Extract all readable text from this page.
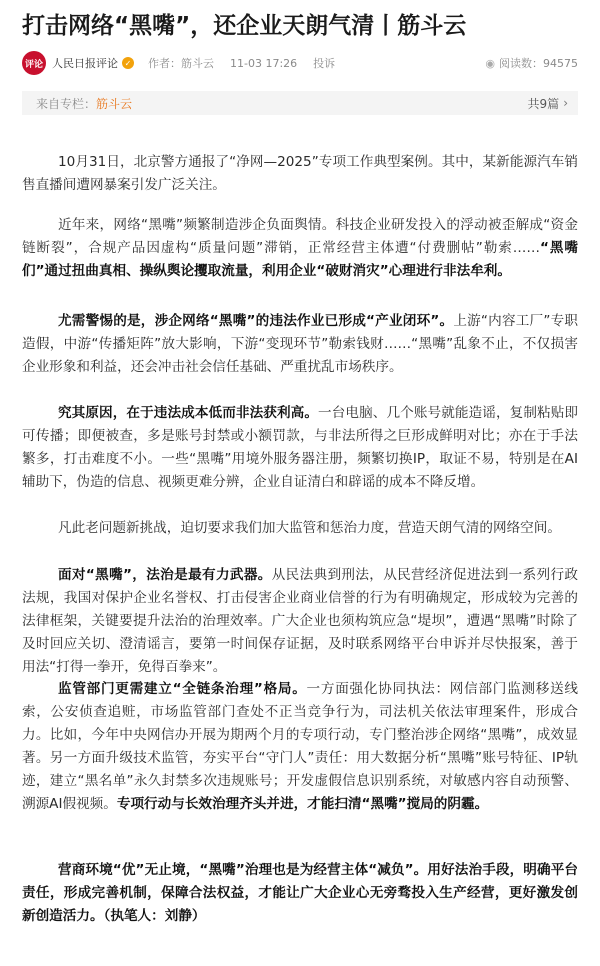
打击网络“黑嘴”，还企业天朗气清丨筋斗云
评论 人民日报评论 ✓ 作者： 筋斗云 11-03 17:26 投诉	◉ 阅读数： 94575
来自专栏： 筋斗云	共9篇 ›

10月31日，北京警方通报了“净网—2025”专项工作典型案例。其中，某新能源汽车销售直播间遭网暴案引发广泛关注。

近年来，网络“黑嘴”频繁制造涉企负面舆情。科技企业研发投入的浮动被歪解成“资金链断裂”，合规产品因虚构“质量问题”滞销，正常经营主体遭“付费删帖”勒索……“黑嘴们”通过扭曲真相、操纵舆论攫取流量，利用企业“破财消灾”心理进行非法牟利。

尤需警惕的是，涉企网络“黑嘴”的违法作业已形成“产业闭环”。上游“内容工厂”专职造假，中游“传播矩阵”放大影响，下游“变现环节”勒索钱财……“黑嘴”乱象不止，不仅损害企业形象和利益，还会冲击社会信任基础、严重扰乱市场秩序。

究其原因，在于违法成本低而非法获利高。一台电脑、几个账号就能造谣，复制粘贴即可传播；即便被查，多是账号封禁或小额罚款，与非法所得之巨形成鲜明对比；亦在于手法繁多，打击难度不小。一些“黑嘴”用境外服务器注册，频繁切换IP，取证不易，特别是在AI辅助下，伪造的信息、视频更难分辨，企业自证清白和辟谣的成本不降反增。

凡此老问题新挑战，迫切要求我们加大监管和惩治力度，营造天朗气清的网络空间。

面对“黑嘴”，法治是最有力武器。从民法典到刑法，从民营经济促进法到一系列行政法规，我国对保护企业名誉权、打击侵害企业商业信誉的行为有明确规定，形成较为完善的法律框架，关键要提升法治的治理效率。广大企业也须构筑应急“堤坝”，遭遇“黑嘴”时除了及时回应关切、澄清谣言，要第一时间保存证据，及时联系网络平台申诉并尽快报案，善于用法“打得一拳开，免得百拳来”。

监管部门更需建立“全链条治理”格局。一方面强化协同执法：网信部门监测移送线索，公安侦查追赃，市场监管部门查处不正当竞争行为，司法机关依法审理案件，形成合力。比如，今年中央网信办开展为期两个月的专项行动，专门整治涉企网络“黑嘴”，成效显著。另一方面升级技术监管，夯实平台“守门人”责任：用大数据分析“黑嘴”账号特征、IP轨迹，建立“黑名单”永久封禁多次违规账号；开发虚假信息识别系统，对敏感内容自动预警、溯源AI假视频。专项行动与长效治理齐头并进，才能扫清“黑嘴”搅局的阴霾。

营商环境“优”无止境，“黑嘴”治理也是为经营主体“减负”。用好法治手段，明确平台责任，形成完善机制，保障合法权益，才能让广大企业心无旁骛投入生产经营，更好激发创新创造活力。（执笔人：刘静）
